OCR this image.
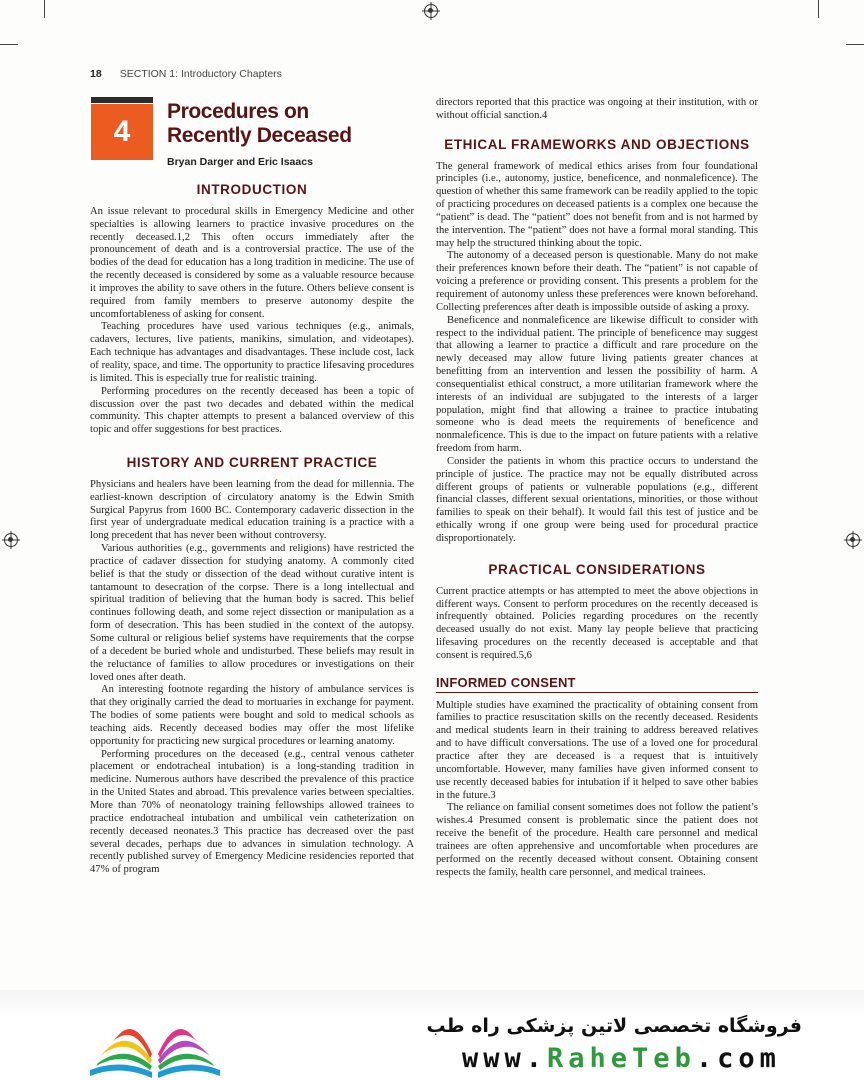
18 SECTION 1: Introductory Chapters
4
Procedures on Recently Deceased
Bryan Darger and Eric Isaacs
INTRODUCTION

An issue relevant to procedural skills in Emergency Medicine and other specialties is allowing learners to practice invasive procedures on the recently deceased.1,2 This often occurs immediately after the pronouncement of death and is a controversial practice. The use of the bodies of the dead for education has a long tradition in medicine. The use of the recently deceased is considered by some as a valuable resource because it improves the ability to save others in the future. Others believe consent is required from family members to preserve autonomy despite the uncomfortableness of asking for consent.

Teaching procedures have used various techniques (e.g., animals, cadavers, lectures, live patients, manikins, simulation, and videotapes). Each technique has advantages and disadvantages. These include cost, lack of reality, space, and time. The opportunity to practice lifesaving procedures is limited. This is especially true for realistic training.

Performing procedures on the recently deceased has been a topic of discussion over the past two decades and debated within the medical community. This chapter attempts to present a balanced overview of this topic and offer suggestions for best practices.

HISTORY AND CURRENT PRACTICE

Physicians and healers have been learning from the dead for millennia. The earliest-known description of circulatory anatomy is the Edwin Smith Surgical Papyrus from 1600 BC. Contemporary cadaveric dissection in the first year of undergraduate medical education training is a practice with a long precedent that has never been without controversy.

Various authorities (e.g., governments and religions) have restricted the practice of cadaver dissection for studying anatomy. A commonly cited belief is that the study or dissection of the dead without curative intent is tantamount to desecration of the corpse. There is a long intellectual and spiritual tradition of believing that the human body is sacred. This belief continues following death, and some reject dissection or manipulation as a form of desecration. This has been studied in the context of the autopsy. Some cultural or religious belief systems have requirements that the corpse of a decedent be buried whole and undisturbed. These beliefs may result in the reluctance of families to allow procedures or investigations on their loved ones after death.

An interesting footnote regarding the history of ambulance services is that they originally carried the dead to mortuaries in exchange for payment. The bodies of some patients were bought and sold to medical schools as teaching aids. Recently deceased bodies may offer the most lifelike opportunity for practicing new surgical procedures or learning anatomy.

Performing procedures on the deceased (e.g., central venous catheter placement or endotracheal intubation) is a long-standing tradition in medicine. Numerous authors have described the prevalence of this practice in the United States and abroad. This prevalence varies between specialties. More than 70% of neonatology training fellowships allowed trainees to practice endotracheal intubation and umbilical vein catheterization on recently deceased neonates.3 This practice has decreased over the past several decades, perhaps due to advances in simulation technology. A recently published survey of Emergency Medicine residencies reported that 47% of program

directors reported that this practice was ongoing at their institution, with or without official sanction.4

ETHICAL FRAMEWORKS AND OBJECTIONS

The general framework of medical ethics arises from four foundational principles (i.e., autonomy, justice, beneficence, and nonmaleficence). The question of whether this same framework can be readily applied to the topic of practicing procedures on deceased patients is a complex one because the “patient” is dead. The “patient” does not benefit from and is not harmed by the intervention. The “patient” does not have a formal moral standing. This may help the structured thinking about the topic.

The autonomy of a deceased person is questionable. Many do not make their preferences known before their death. The “patient” is not capable of voicing a preference or providing consent. This presents a problem for the requirement of autonomy unless these preferences were known beforehand. Collecting preferences after death is impossible outside of asking a proxy.

Beneficence and nonmaleficence are likewise difficult to consider with respect to the individual patient. The principle of beneficence may suggest that allowing a learner to practice a difficult and rare procedure on the newly deceased may allow future living patients greater chances at benefitting from an intervention and lessen the possibility of harm. A consequentialist ethical construct, a more utilitarian framework where the interests of an individual are subjugated to the interests of a larger population, might find that allowing a trainee to practice intubating someone who is dead meets the requirements of beneficence and nonmaleficence. This is due to the impact on future patients with a relative freedom from harm.

Consider the patients in whom this practice occurs to understand the principle of justice. The practice may not be equally distributed across different groups of patients or vulnerable populations (e.g., different financial classes, different sexual orientations, minorities, or those without families to speak on their behalf). It would fail this test of justice and be ethically wrong if one group were being used for procedural practice disproportionately.

PRACTICAL CONSIDERATIONS

Current practice attempts or has attempted to meet the above objections in different ways. Consent to perform procedures on the recently deceased is infrequently obtained. Policies regarding procedures on the recently deceased usually do not exist. Many lay people believe that practicing lifesaving procedures on the recently deceased is acceptable and that consent is required.5,6

INFORMED CONSENT

Multiple studies have examined the practicality of obtaining consent from families to practice resuscitation skills on the recently deceased. Residents and medical students learn in their training to address bereaved relatives and to have difficult conversations. The use of a loved one for procedural practice after they are deceased is a request that is intuitively uncomfortable. However, many families have given informed consent to use recently deceased babies for intubation if it helped to save other babies in the future.3

The reliance on familial consent sometimes does not follow the patient’s wishes.4 Presumed consent is problematic since the patient does not receive the benefit of the procedure. Health care personnel and medical trainees are often apprehensive and uncomfortable when procedures are performed on the recently deceased without consent. Obtaining consent respects the family, health care personnel, and medical trainees.

فروشگاه تخصصی لاتین پزشکی راه طب
www.RaheTeb.com
